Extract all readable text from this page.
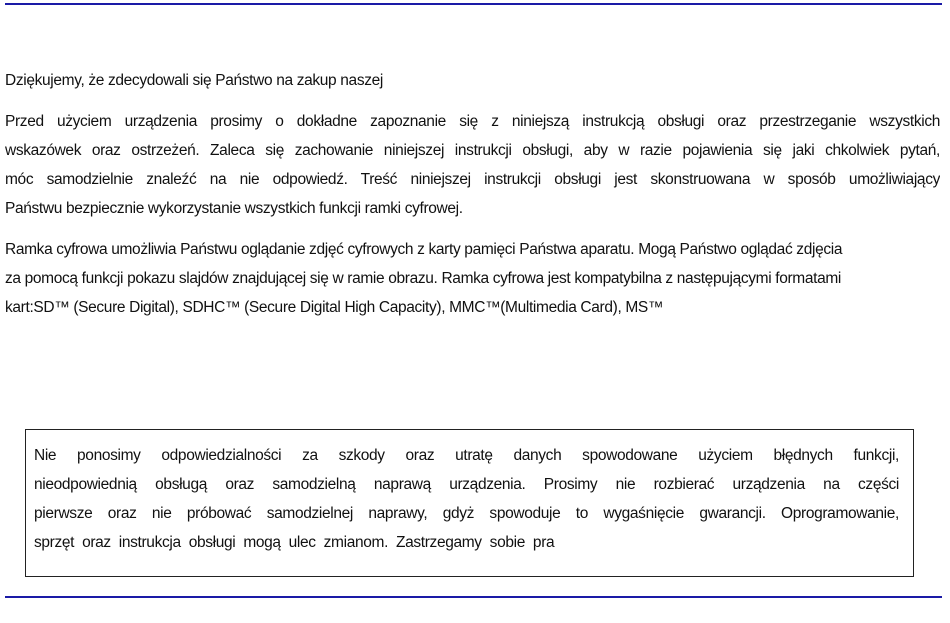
Dziękujemy, że zdecydowali się Państwo na zakup naszej
Przed użyciem urządzenia prosimy o dokładne zapoznanie się z niniejszą instrukcją obsługi oraz przestrzeganie wszystkich
wskazówek oraz ostrzeżeń. Zaleca się zachowanie niniejszej instrukcji obsługi, aby w razie pojawienia się jaki chkolwiek pytań,
móc samodzielnie znaleźć na nie odpowiedź. Treść niniejszej instrukcji obsługi jest skonstruowana w sposób umożliwiający
Państwu bezpiecznie wykorzystanie wszystkich funkcji ramki cyfrowej.
Ramka cyfrowa umożliwia Państwu oglądanie zdjęć cyfrowych z karty pamięci Państwa aparatu. Mogą Państwo oglądać zdjęcia
za pomocą funkcji pokazu slajdów znajdującej się w ramie obrazu. Ramka cyfrowa jest kompatybilna z następującymi formatami
kart:SD™ (Secure Digital), SDHC™ (Secure Digital High Capacity), MMC™(Multimedia Card), MS™
Nie ponosimy odpowiedzialności za szkody oraz utratę danych spowodowane użyciem błędnych funkcji,
nieodpowiednią obsługą oraz samodzielną naprawą urządzenia. Prosimy nie rozbierać urządzenia na części
pierwsze oraz nie próbować samodzielnej naprawy, gdyż spowoduje to wygaśnięcie gwarancji. Oprogramowanie,
sprzęt oraz instrukcja obsługi mogą ulec zmianom. Zastrzegamy sobie pra
